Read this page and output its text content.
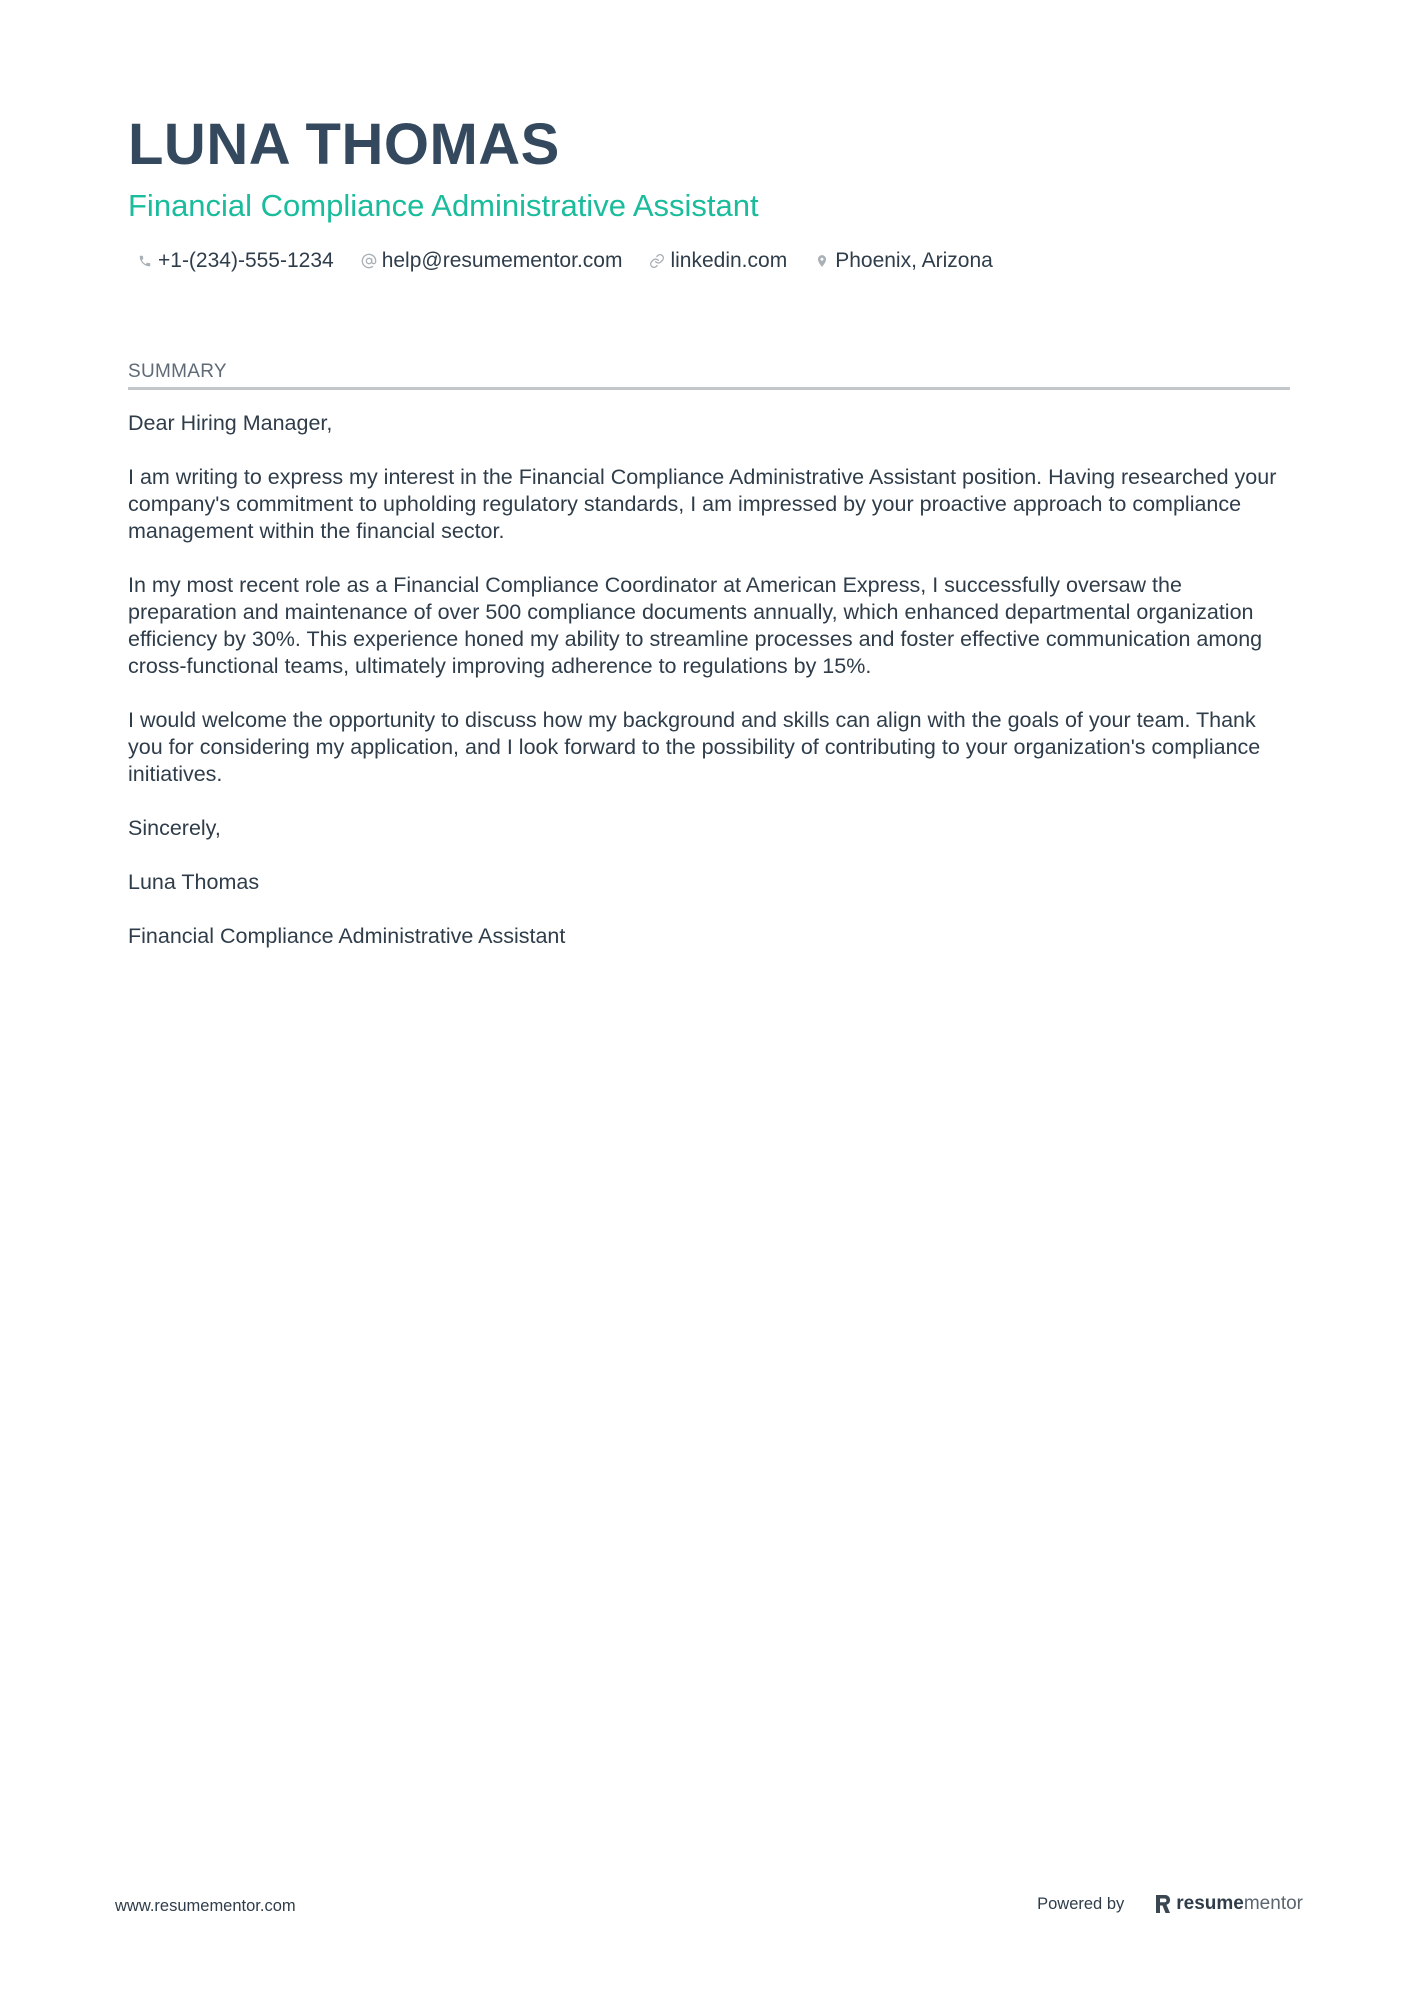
LUNA THOMAS
Financial Compliance Administrative Assistant
+1-(234)-555-1234 help@resumementor.com linkedin.com Phoenix, Arizona
SUMMARY

Dear Hiring Manager,

I am writing to express my interest in the Financial Compliance Administrative Assistant position. Having researched your company's commitment to upholding regulatory standards, I am impressed by your proactive approach to compliance management within the financial sector.

In my most recent role as a Financial Compliance Coordinator at American Express, I successfully oversaw the preparation and maintenance of over 500 compliance documents annually, which enhanced departmental organization efficiency by 30%. This experience honed my ability to streamline processes and foster effective communication among cross-functional teams, ultimately improving adherence to regulations by 15%.

I would welcome the opportunity to discuss how my background and skills can align with the goals of your team. Thank you for considering my application, and I look forward to the possibility of contributing to your organization's compliance initiatives.

Sincerely,

Luna Thomas

Financial Compliance Administrative Assistant

www.resumementor.com	Powered by	resume mentor
